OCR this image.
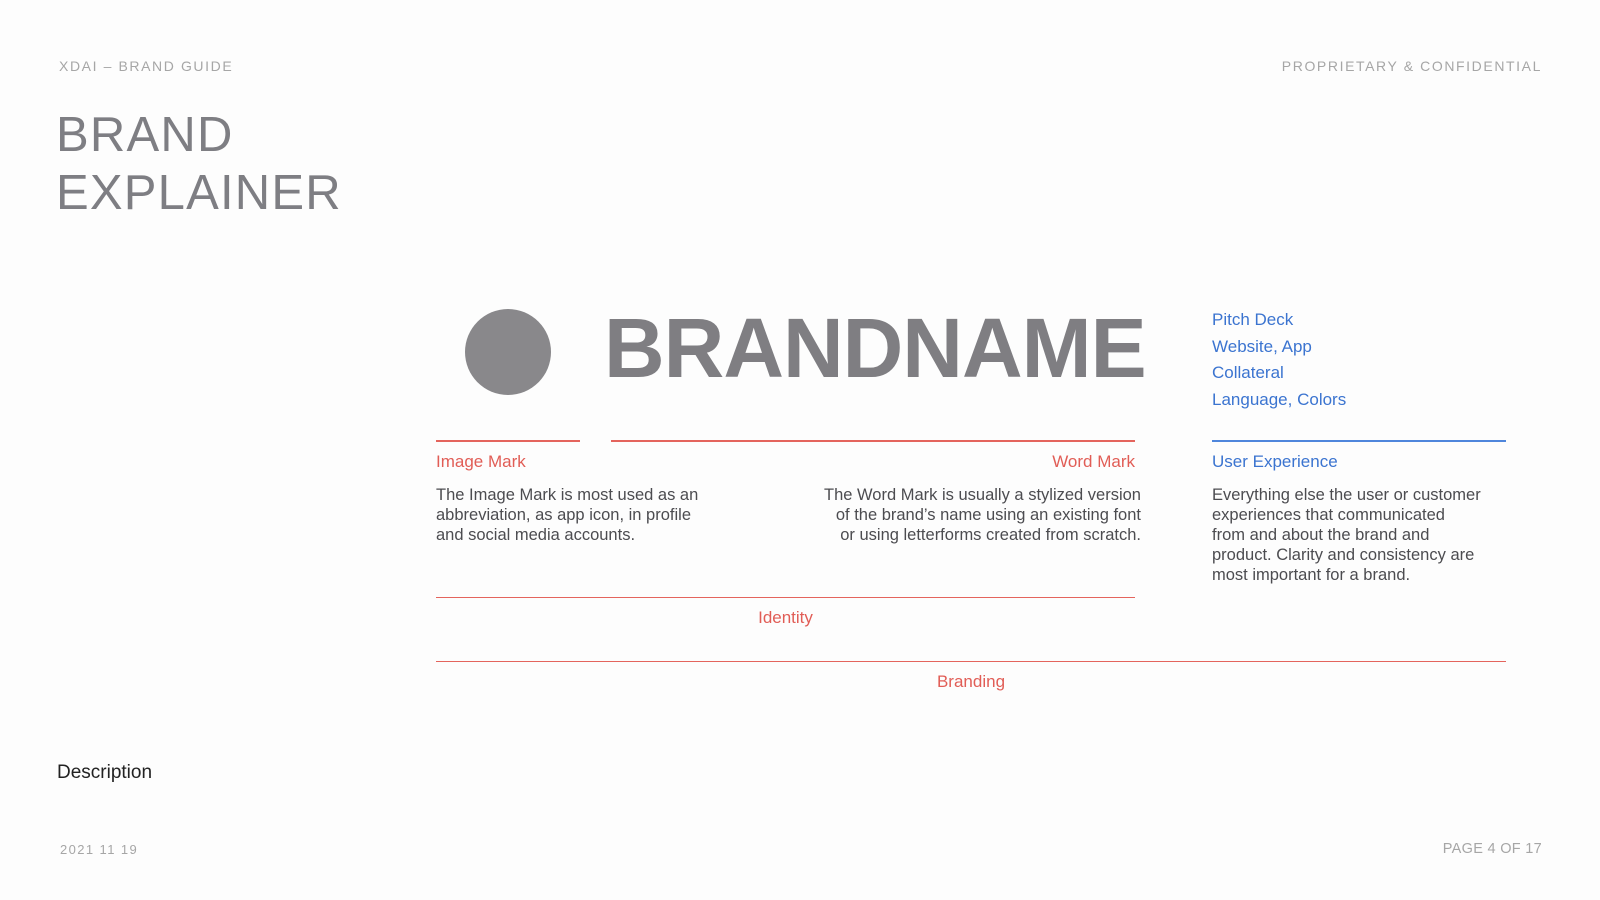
XDAI – BRAND GUIDE	PROPRIETARY & CONFIDENTIAL
BRAND
EXPLAINER
BRANDNAME	Pitch Deck
Website, App
Collateral
Language, Colors
Image Mark	Word Mark	User Experience
The Image Mark is most used as an
abbreviation, as app icon, in profile
and social media accounts.
The Word Mark is usually a stylized version
of the brand’s name using an existing font
or using letterforms created from scratch.
Everything else the user or customer
experiences that communicated
from and about the brand and
product. Clarity and consistency are
most important for a brand.
Identity
Branding
Description
2021 11 19	PAGE 4 OF 17
